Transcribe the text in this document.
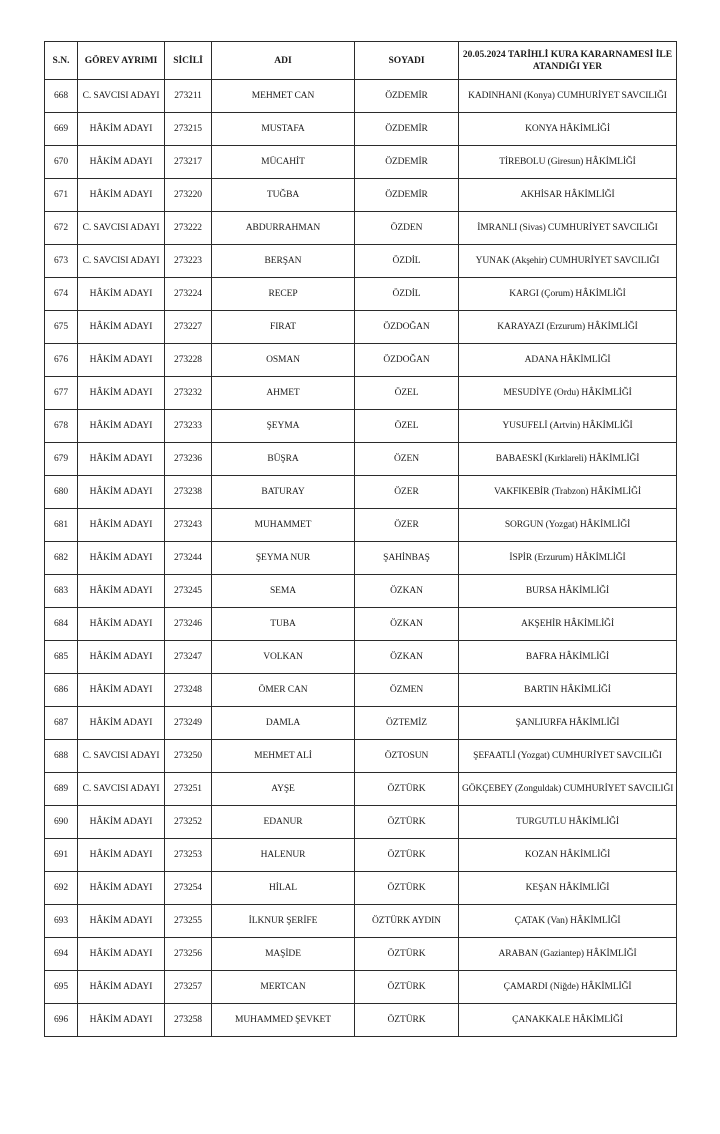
S.N.	GÖREV AYRIMI	SİCİLİ	ADI	SOYADI	20.05.2024 TARİHLİ KURA KARARNAMESİ İLE ATANDIĞI YER
668	C. SAVCISI ADAYI	273211	MEHMET CAN	ÖZDEMİR	KADINHANI (Konya) CUMHURİYET SAVCILIĞI
669	HÂKİM ADAYI	273215	MUSTAFA	ÖZDEMİR	KONYA HÂKİMLİĞİ
670	HÂKİM ADAYI	273217	MÜCAHİT	ÖZDEMİR	TİREBOLU (Giresun) HÂKİMLİĞİ
671	HÂKİM ADAYI	273220	TUĞBA	ÖZDEMİR	AKHİSAR HÂKİMLİĞİ
672	C. SAVCISI ADAYI	273222	ABDURRAHMAN	ÖZDEN	İMRANLI (Sivas) CUMHURİYET SAVCILIĞI
673	C. SAVCISI ADAYI	273223	BERŞAN	ÖZDİL	YUNAK (Akşehir) CUMHURİYET SAVCILIĞI
674	HÂKİM ADAYI	273224	RECEP	ÖZDİL	KARGI (Çorum) HÂKİMLİĞİ
675	HÂKİM ADAYI	273227	FIRAT	ÖZDOĞAN	KARAYAZI (Erzurum) HÂKİMLİĞİ
676	HÂKİM ADAYI	273228	OSMAN	ÖZDOĞAN	ADANA HÂKİMLİĞİ
677	HÂKİM ADAYI	273232	AHMET	ÖZEL	MESUDİYE (Ordu) HÂKİMLİĞİ
678	HÂKİM ADAYI	273233	ŞEYMA	ÖZEL	YUSUFELİ (Artvin) HÂKİMLİĞİ
679	HÂKİM ADAYI	273236	BÜŞRA	ÖZEN	BABAESKİ (Kırklareli) HÂKİMLİĞİ
680	HÂKİM ADAYI	273238	BATURAY	ÖZER	VAKFIKEBİR (Trabzon) HÂKİMLİĞİ
681	HÂKİM ADAYI	273243	MUHAMMET	ÖZER	SORGUN (Yozgat) HÂKİMLİĞİ
682	HÂKİM ADAYI	273244	ŞEYMA NUR	ŞAHİNBAŞ	İSPİR (Erzurum) HÂKİMLİĞİ
683	HÂKİM ADAYI	273245	SEMA	ÖZKAN	BURSA HÂKİMLİĞİ
684	HÂKİM ADAYI	273246	TUBA	ÖZKAN	AKŞEHİR HÂKİMLİĞİ
685	HÂKİM ADAYI	273247	VOLKAN	ÖZKAN	BAFRA HÂKİMLİĞİ
686	HÂKİM ADAYI	273248	ÖMER CAN	ÖZMEN	BARTIN HÂKİMLİĞİ
687	HÂKİM ADAYI	273249	DAMLA	ÖZTEMİZ	ŞANLIURFA HÂKİMLİĞİ
688	C. SAVCISI ADAYI	273250	MEHMET ALİ	ÖZTOSUN	ŞEFAATLİ (Yozgat) CUMHURİYET SAVCILIĞI
689	C. SAVCISI ADAYI	273251	AYŞE	ÖZTÜRK	GÖKÇEBEY (Zonguldak) CUMHURİYET SAVCILIĞI
690	HÂKİM ADAYI	273252	EDANUR	ÖZTÜRK	TURGUTLU HÂKİMLİĞİ
691	HÂKİM ADAYI	273253	HALENUR	ÖZTÜRK	KOZAN HÂKİMLİĞİ
692	HÂKİM ADAYI	273254	HİLAL	ÖZTÜRK	KEŞAN HÂKİMLİĞİ
693	HÂKİM ADAYI	273255	İLKNUR ŞERİFE	ÖZTÜRK AYDIN	ÇATAK (Van) HÂKİMLİĞİ
694	HÂKİM ADAYI	273256	MAŞİDE	ÖZTÜRK	ARABAN (Gaziantep) HÂKİMLİĞİ
695	HÂKİM ADAYI	273257	MERTCAN	ÖZTÜRK	ÇAMARDI (Niğde) HÂKİMLİĞİ
696	HÂKİM ADAYI	273258	MUHAMMED ŞEVKET	ÖZTÜRK	ÇANAKKALE HÂKİMLİĞİ
